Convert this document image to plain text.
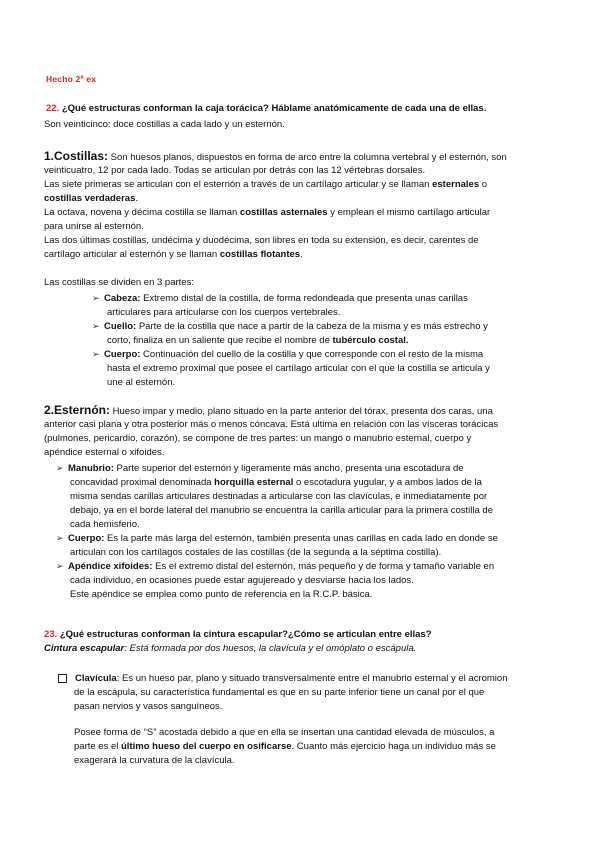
Hecho 2º ex
22. ¿Qué estructuras conforman la caja torácica? Háblame anatómicamente de cada una de ellas.
Son veinticinco: doce costillas a cada lado y un esternón.
1.Costillas: Son huesos planos, dispuestos en forma de arco entre la columna vertebral y el esternón, son
veinticuatro, 12 por cada lado. Todas se articulan por detrás con las 12 vértebras dorsales.
Las siete primeras se articulan con el esternón a través de un cartílago articular y se llaman esternales o
costillas verdaderas.
La octava, novena y décima costilla se llaman costillas asternales y emplean el mismo cartílago articular
para unirse al esternón.
Las dos últimas costillas, undécima y duodécima, son libres en toda su extensión, es decir, carentes de
cartílago articular al esternón y se llaman costillas flotantes.
Las costillas se dividen en 3 partes:
➢ Cabeza: Extremo distal de la costilla, de forma redondeada que presenta unas carillas
articulares para articularse con los cuerpos vertebrales.
➢ Cuello: Parte de la costilla que nace a partir de la cabeza de la misma y es más estrecho y
corto, finaliza en un saliente que recibe el nombre de tubérculo costal.
➢ Cuerpo: Continuación del cuello de la costilla y que corresponde con el resto de la misma
hasta el extremo proximal que posee el cartílago articular con el que la costilla se articula y
une al esternón.
2.Esternón: Hueso impar y medio, plano situado en la parte anterior del tórax, presenta dos caras, una
anterior casi plana y otra posterior más o menos cóncava. Está ultima en relación con las vísceras torácicas
(pulmones, pericardio, corazón), se compone de tres partes: un mango o manubrio esternal, cuerpo y
apéndice esternal o xifoides.
➢ Manubrio: Parte superior del esternón y ligeramente más ancho, presenta una escotadura de
concavidad proximal denominada horquilla esternal o escotadura yugular, y a ambos lados de la
misma sendas carillas articulares destinadas a articularse con las clavículas, e inmediatamente por
debajo, ya en el borde lateral del manubrio se encuentra la carilla articular para la primera costilla de
cada hemisferio.
➢ Cuerpo: Es la parte más larga del esternón, también presenta unas carillas en cada lado en donde se
articulan con los cartílagos costales de las costillas (de la segunda a la séptima costilla).
➢ Apéndice xifoides: Es el extremo distal del esternón, más pequeño y de forma y tamaño variable en
cada individuo, en ocasiones puede estar agujereado y desviarse hacia los lados.
Este apéndice se emplea como punto de referencia en la R.C.P. básica.
23. ¿Qué estructuras conforman la cintura escapular?¿Cómo se articulan entre ellas?
Cintura escapular: Está formada por dos huesos, la clavícula y el omóplato o escápula.
Clavícula: Es un hueso par, plano y situado transversalmente entre el manubrio esternal y el acromion
de la escápula, su característica fundamental es que en su parte inferior tiene un canal por el que
pasan nervios y vasos sanguíneos.
Posee forma de “S” acostada debido a que en ella se insertan una cantidad elevada de músculos, a
parte es el último hueso del cuerpo en osificarse. Cuanto más ejercicio haga un individuo más se
exagerará la curvatura de la clavícula.
